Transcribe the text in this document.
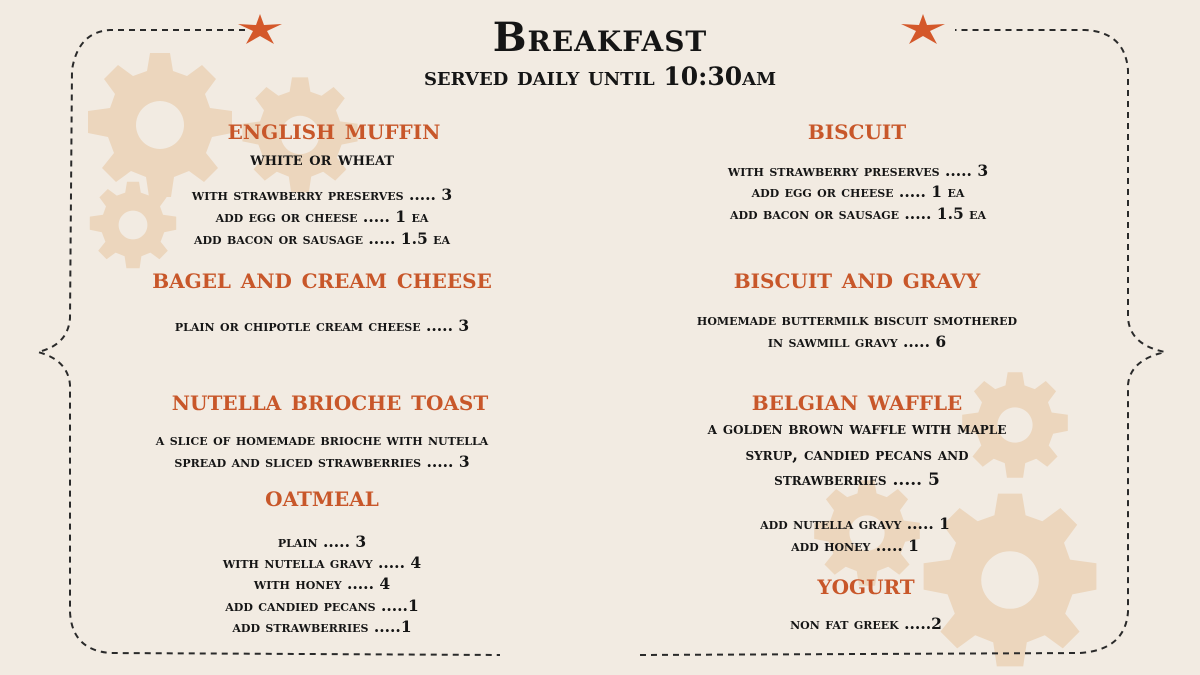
Breakfast
served daily until 10:30am
english muffin
white or wheat
with strawberry preserves ..... 3
add egg or cheese ..... 1 ea
add bacon or sausage ..... 1.5 ea
bagel and cream cheese
plain or chipotle cream cheese ..... 3
nutella brioche toast
a slice of homemade brioche with nutella
spread and sliced strawberries ..... 3
oatmeal
plain ..... 3
with nutella gravy ..... 4
with honey ..... 4
add candied pecans .....1
add strawberries .....1
biscuit
with strawberry preserves ..... 3
add egg or cheese ..... 1 ea
add bacon or sausage ..... 1.5 ea
biscuit and gravy
homemade buttermilk biscuit smothered
in sawmill gravy ..... 6
belgian waffle
a golden brown waffle with maple
syrup, candied pecans and
strawberries ..... 5
add nutella gravy ..... 1
add honey ..... 1
yogurt
non fat greek .....2
